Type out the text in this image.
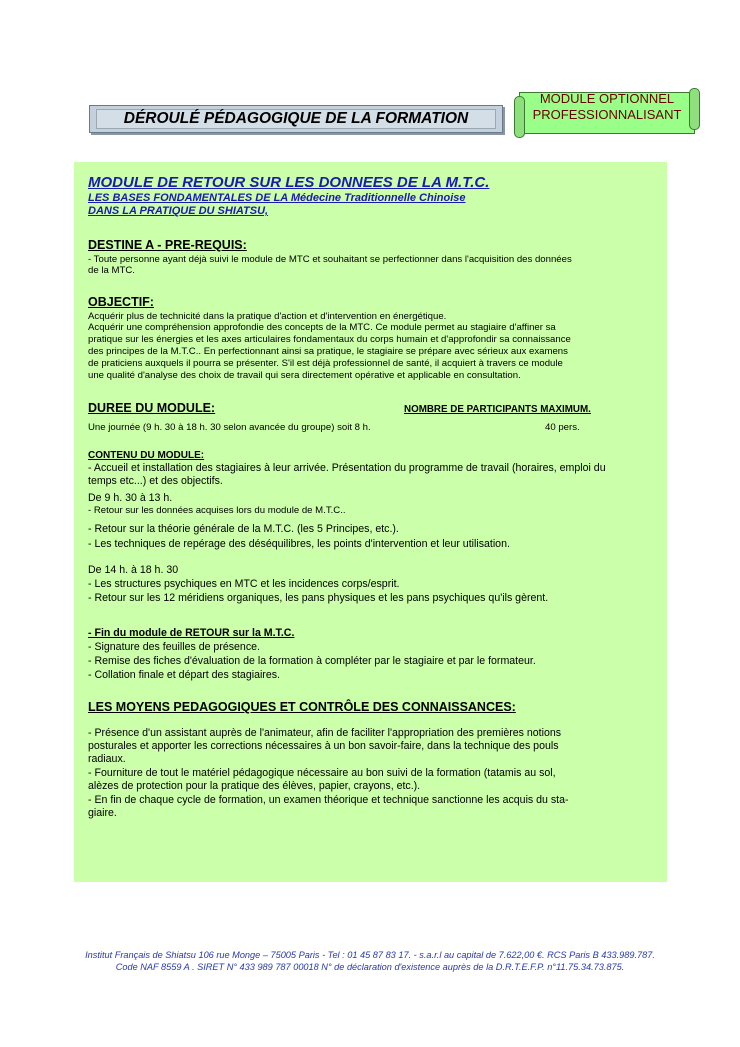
DÉROULÉ PÉDAGOGIQUE DE LA FORMATION
MODULE OPTIONNEL
PROFESSIONNALISANT
MODULE DE RETOUR SUR LES DONNEES DE LA M.T.C.
LES BASES FONDAMENTALES DE LA Médecine Traditionnelle Chinoise
DANS LA PRATIQUE DU SHIATSU,
DESTINE A - PRE-REQUIS:
- Toute personne ayant déjà suivi le module de MTC et souhaitant se perfectionner dans l'acquisition des données
de la MTC.
OBJECTIF:
Acquérir plus de technicité dans la pratique d'action et d'intervention en énergétique.
Acquérir une compréhension approfondie des concepts de la MTC. Ce module permet au stagiaire d'affiner sa
pratique sur les énergies et les axes articulaires fondamentaux du corps humain et d'approfondir sa connaissance
des principes de la M.T.C.. En perfectionnant ainsi sa pratique, le stagiaire se prépare avec sérieux aux examens
de praticiens auxquels il pourra se présenter. S'il est déjà professionnel de santé, il acquiert à travers ce module
une qualité d'analyse des choix de travail qui sera directement opérative et applicable en consultation.
DUREE DU MODULE:	NOMBRE DE PARTICIPANTS MAXIMUM.
Une journée (9 h. 30 à 18 h. 30 selon avancée du groupe) soit 8 h.	40 pers.
CONTENU DU MODULE:
- Accueil et installation des stagiaires à leur arrivée. Présentation du programme de travail (horaires, emploi du
temps etc...) et des objectifs.
De 9 h. 30 à 13 h.
- Retour sur les données acquises lors du module de M.T.C..
- Retour sur la théorie générale de la M.T.C. (les 5 Principes, etc.).
- Les techniques de repérage des déséquilibres, les points d'intervention et leur utilisation.
De 14 h. à 18 h. 30
- Les structures psychiques en MTC et les incidences corps/esprit.
- Retour sur les 12 méridiens organiques, les pans physiques et les pans psychiques qu'ils gèrent.
- Fin du module de RETOUR sur la M.T.C.
- Signature des feuilles de présence.
- Remise des fiches d'évaluation de la formation à compléter par le stagiaire et par le formateur.
- Collation finale et départ des stagiaires.
LES MOYENS PEDAGOGIQUES ET CONTRÔLE DES CONNAISSANCES:
- Présence d'un assistant auprès de l'animateur, afin de faciliter l'appropriation des premières notions
posturales et apporter les corrections nécessaires à un bon savoir-faire, dans la technique des pouls
radiaux.
- Fourniture de tout le matériel pédagogique nécessaire au bon suivi de la formation (tatamis au sol,
alèzes de protection pour la pratique des élèves, papier, crayons, etc.).
- En fin de chaque cycle de formation, un examen théorique et technique sanctionne les acquis du sta-
giaire.
Institut Français de Shiatsu 106 rue Monge – 75005 Paris - Tel : 01 45 87 83 17. - s.a.r.l au capital de 7.622,00 €. RCS Paris B 433.989.787.
Code NAF 8559 A . SIRET N° 433 989 787 00018 N° de déclaration d'existence auprès de la D.R.T.E.F.P. n°11.75.34.73.875.
